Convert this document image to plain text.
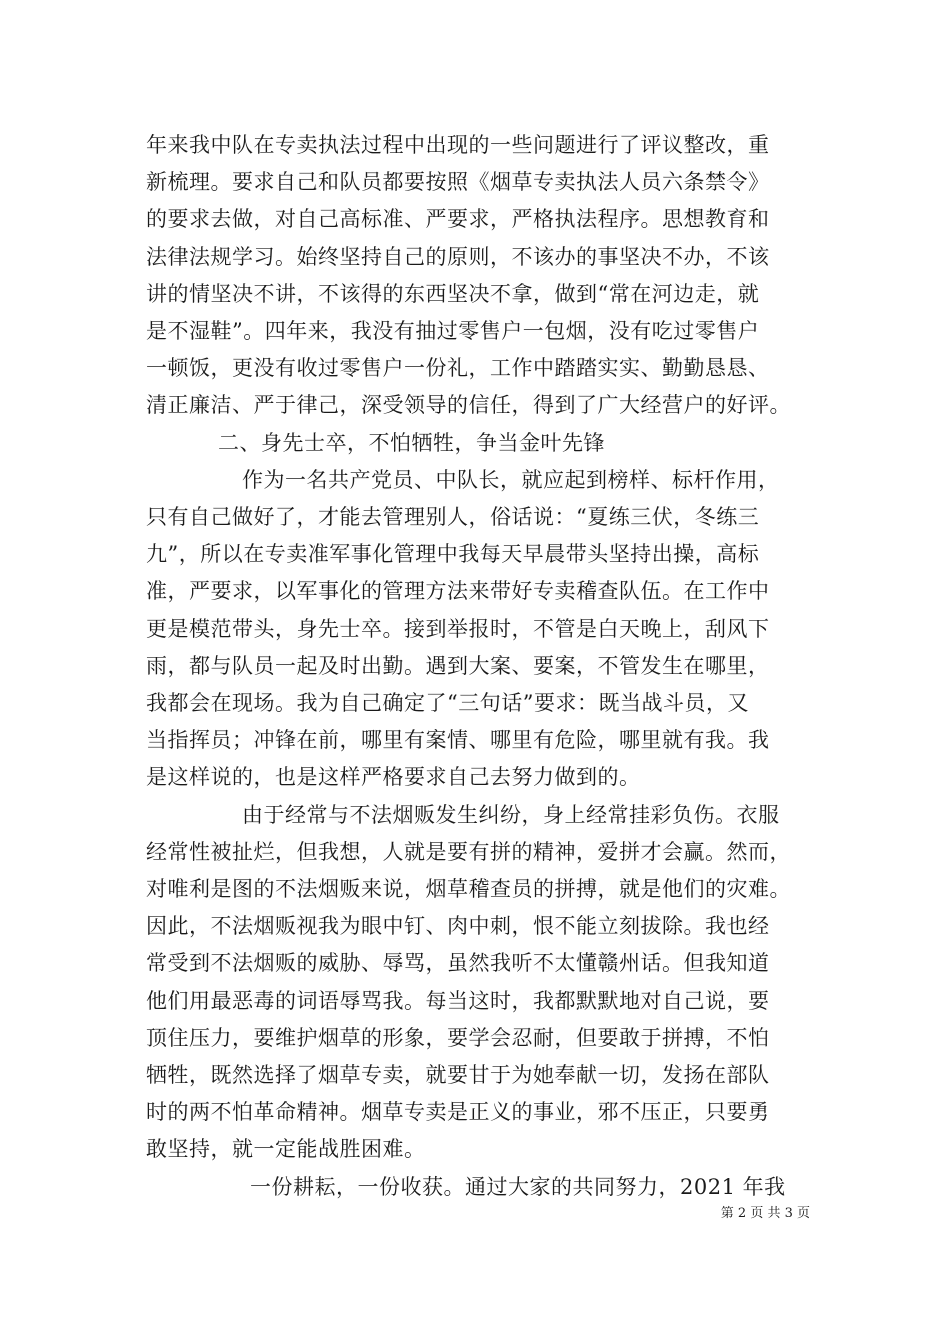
年来我中队在专卖执法过程中出现的一些问题进行了评议整改，重
新梳理。要求自己和队员都要按照《烟草专卖执法人员六条禁令》
的要求去做，对自己高标准、严要求，严格执法程序。思想教育和
法律法规学习。始终坚持自己的原则，不该办的事坚决不办，不该
讲的情坚决不讲，不该得的东西坚决不拿，做到“常在河边走，就
是不湿鞋”。四年来，我没有抽过零售户一包烟，没有吃过零售户
一顿饭，更没有收过零售户一份礼，工作中踏踏实实、勤勤恳恳、
清正廉洁、严于律己，深受领导的信任，得到了广大经营户的好评。
二、身先士卒，不怕牺牲，争当金叶先锋
作为一名共产党员、中队长，就应起到榜样、标杆作用，
只有自己做好了，才能去管理别人，俗话说：“夏练三伏，冬练三
九”，所以在专卖准军事化管理中我每天早晨带头坚持出操，高标
准，严要求，以军事化的管理方法来带好专卖稽查队伍。在工作中
更是模范带头，身先士卒。接到举报时，不管是白天晚上，刮风下
雨，都与队员一起及时出勤。遇到大案、要案，不管发生在哪里，
我都会在现场。我为自己确定了“三句话”要求：既当战斗员，又
当指挥员；冲锋在前，哪里有案情、哪里有危险，哪里就有我。我
是这样说的，也是这样严格要求自己去努力做到的。
由于经常与不法烟贩发生纠纷，身上经常挂彩负伤。衣服
经常性被扯烂，但我想，人就是要有拼的精神，爱拼才会赢。然而，
对唯利是图的不法烟贩来说，烟草稽查员的拼搏，就是他们的灾难。
因此，不法烟贩视我为眼中钉、肉中刺，恨不能立刻拔除。我也经
常受到不法烟贩的威胁、辱骂，虽然我听不太懂赣州话。但我知道
他们用最恶毒的词语辱骂我。每当这时，我都默默地对自己说，要
顶住压力，要维护烟草的形象，要学会忍耐，但要敢于拼搏，不怕
牺牲，既然选择了烟草专卖，就要甘于为她奉献一切，发扬在部队
时的两不怕革命精神。烟草专卖是正义的事业，邪不压正，只要勇
敢坚持，就一定能战胜困难。
一份耕耘，一份收获。通过大家的共同努力，2021 年我
第 2 页 共 3 页
